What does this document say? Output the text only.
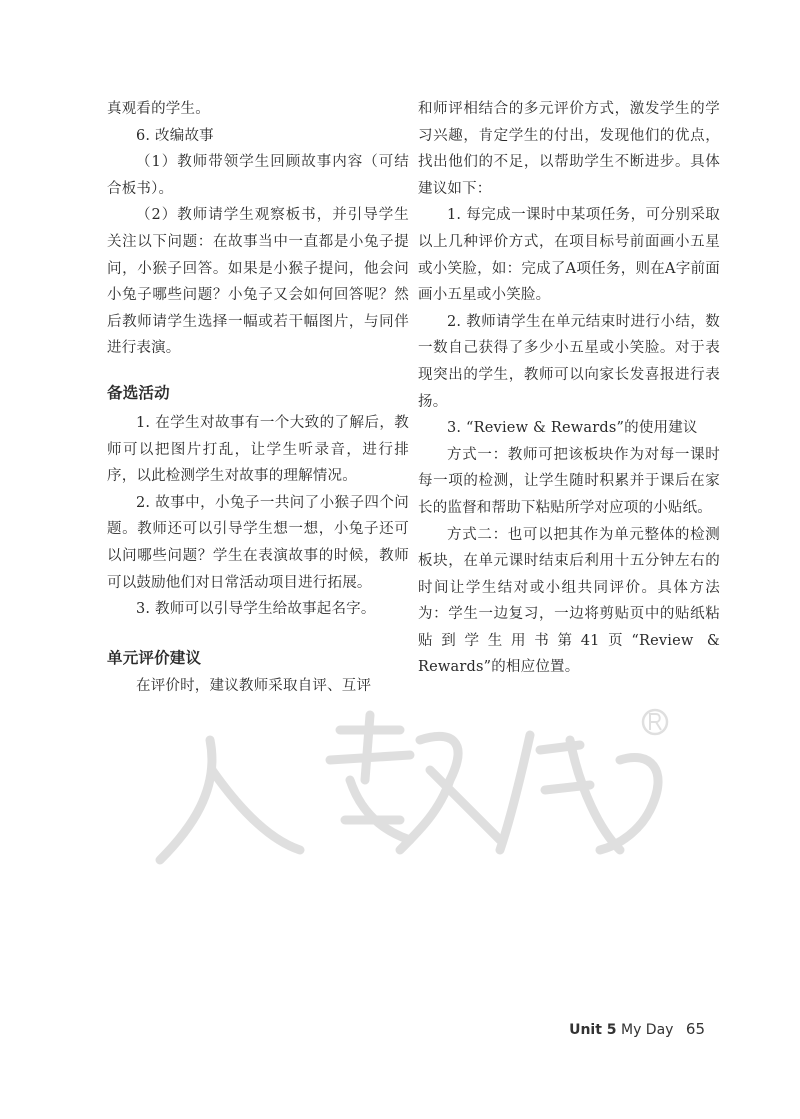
真观看的学生。

6. 改编故事

（1）教师带领学生回顾故事内容（可结合板书）。

（2）教师请学生观察板书，并引导学生关注以下问题：在故事当中一直都是小兔子提问，小猴子回答。如果是小猴子提问，他会问小兔子哪些问题？小兔子又会如何回答呢？然后教师请学生选择一幅或若干幅图片，与同伴进行表演。

备选活动

1. 在学生对故事有一个大致的了解后，教师可以把图片打乱，让学生听录音，进行排序，以此检测学生对故事的理解情况。

2. 故事中，小兔子一共问了小猴子四个问题。教师还可以引导学生想一想，小兔子还可以问哪些问题？学生在表演故事的时候，教师可以鼓励他们对日常活动项目进行拓展。

3. 教师可以引导学生给故事起名字。

单元评价建议

在评价时，建议教师采取自评、互评

和师评相结合的多元评价方式，激发学生的学习兴趣，肯定学生的付出，发现他们的优点，找出他们的不足，以帮助学生不断进步。具体建议如下：

1. 每完成一课时中某项任务，可分别采取以上几种评价方式，在项目标号前面画小五星或小笑脸，如：完成了A项任务，则在A字前面画小五星或小笑脸。

2. 教师请学生在单元结束时进行小结，数一数自己获得了多少小五星或小笑脸。对于表现突出的学生，教师可以向家长发喜报进行表扬。

3. “Review & Rewards”的使用建议

方式一：教师可把该板块作为对每一课时每一项的检测，让学生随时积累并于课后在家长的监督和帮助下粘贴所学对应项的小贴纸。

方式二：也可以把其作为单元整体的检测板块，在单元课时结束后利用十五分钟左右的时间让学生结对或小组共同评价。具体方法为：学生一边复习，一边将剪贴页中的贴纸粘贴到学生用书第41页“Review & Rewards”的相应位置。

Unit 5 My Day 65
